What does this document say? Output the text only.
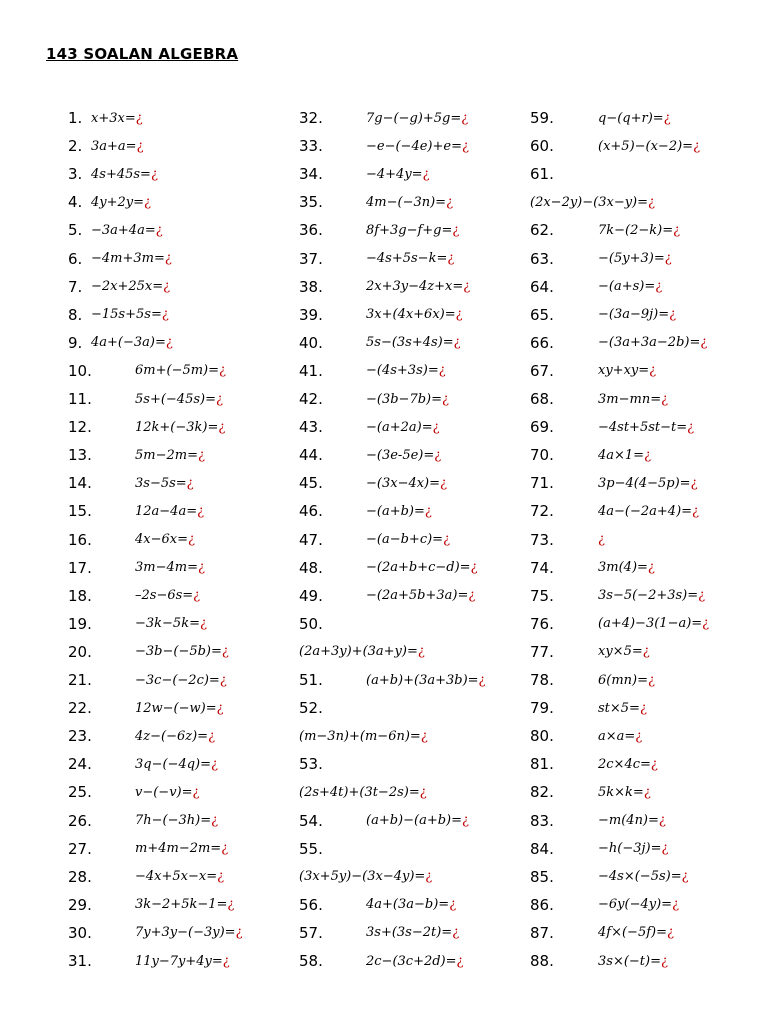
143 SOALAN ALGEBRA
1. x+3x=¿
2. 3a+a=¿
3. 4s+45s=¿
4. 4y+2y=¿
5. −3a+4a=¿
6. −4m+3m=¿
7. −2x+25x=¿
8. −15s+5s=¿
9. 4a+(−3a)=¿
10.	6m+(−5m)=¿
11.	5s+(−45s)=¿
12.	12k+(−3k)=¿
13.	5m−2m=¿
14.	3s−5s=¿
15.	12a−4a=¿
16.	4x−6x=¿
17.	3m−4m=¿
18.	–2s−6s=¿
19.	−3k−5k=¿
20.	−3b−(−5b)=¿
21.	−3c−(−2c)=¿
22.	12w−(−w)=¿
23.	4z−(−6z)=¿
24.	3q−(−4q)=¿
25.	v−(−v)=¿
26.	7h−(−3h)=¿
27.	m+4m−2m=¿
28.	−4x+5x−x=¿
29.	3k−2+5k−1=¿
30.	7y+3y−(−3y)=¿
31.	11y−7y+4y=¿
32.	7g−(−g)+5g=¿
33.	−e−(−4e)+e=¿
34.	−4+4y=¿
35.	4m−(−3n)=¿
36.	8f+3g−f+g=¿
37.	−4s+5s−k=¿
38.	2x+3y−4z+x=¿
39.	3x+(4x+6x)=¿
40.	5s−(3s+4s)=¿
41.	−(4s+3s)=¿
42.	−(3b−7b)=¿
43.	−(a+2a)=¿
44.	−(3e-5e)=¿
45.	−(3x−4x)=¿
46.	−(a+b)=¿
47.	−(a−b+c)=¿
48.	−(2a+b+c−d)=¿
49.	−(2a+5b+3a)=¿
50.
(2a+3y)+(3a+y)=¿
51.	(a+b)+(3a+3b)=¿
52.
(m−3n)+(m−6n)=¿
53.
(2s+4t)+(3t−2s)=¿
54.	(a+b)−(a+b)=¿
55.
(3x+5y)−(3x−4y)=¿
56.	4a+(3a−b)=¿
57.	3s+(3s−2t)=¿
58.	2c−(3c+2d)=¿
59.	q−(q+r)=¿
60.	(x+5)−(x−2)=¿
61.
(2x−2y)−(3x−y)=¿
62.	7k−(2−k)=¿
63.	−(5y+3)=¿
64.	−(a+s)=¿
65.	−(3a−9j)=¿
66.	−(3a+3a−2b)=¿
67.	xy+xy=¿
68.	3m−mn=¿
69.	−4st+5st−t=¿
70.	4a×1=¿
71.	3p−4(4−5p)=¿
72.	4a−(−2a+4)=¿
73.	¿
74.	3m(4)=¿
75.	3s−5(−2+3s)=¿
76.	(a+4)−3(1−a)=¿
77.	xy×5=¿
78.	6(mn)=¿
79.	st×5=¿
80.	a×a=¿
81.	2c×4c=¿
82.	5k×k=¿
83.	−m(4n)=¿
84.	−h(−3j)=¿
85.	−4s×(−5s)=¿
86.	−6y(−4y)=¿
87.	4f×(−5f)=¿
88.	3s×(−t)=¿
